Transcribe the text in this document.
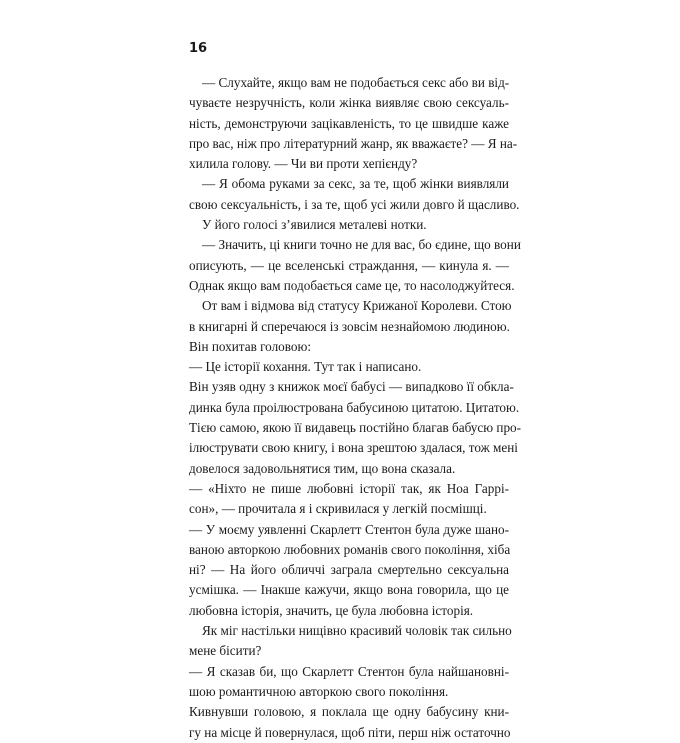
16
— Слухайте, якщо вам не подобається секс або ви від-
чуваєте незручність, коли жінка виявляє свою сексуаль-
ність, демонструючи зацікавленість, то це швидше каже
про вас, ніж про літературний жанр, як вважаєте? — Я на-
хилила голову. — Чи ви проти хепієнду?
— Я обома руками за секс, за те, щоб жінки виявляли
свою сексуальність, і за те, щоб усі жили довго й щасливо.
У його голосі з’явилися металеві нотки.
— Значить, ці книги точно не для вас, бо єдине, що вони
описують, — це вселенські страждання, — кинула я. —
Однак якщо вам подобається саме це, то насолоджуйтеся.
От вам і відмова від статусу Крижаної Королеви. Стою
в книгарні й сперечаюся із зовсім незнайомою людиною.
Він похитав головою:
— Це історії кохання. Тут так і написано.
Він узяв одну з книжок моєї бабусі — випадково її обкла-
динка була проілюстрована бабусиною цитатою. Цитатою.
Тією самою, якою її видавець постійно благав бабусю про-
ілюструвати свою книгу, і вона зрештою здалася, тож мені
довелося задовольнятися тим, що вона сказала.
— «Ніхто не пише любовні історії так, як Ноа Гаррі-
сон», — прочитала я і скривилася у легкій посмішці.
— У моєму уявленні Скарлетт Стентон була дуже шано-
ваною авторкою любовних романів свого покоління, хіба
ні? — На його обличчі заграла смертельно сексуальна
усмішка. — Інакше кажучи, якщо вона говорила, що це
любовна історія, значить, це була любовна історія.
Як міг настільки нищівно красивий чоловік так сильно
мене бісити?
— Я сказав би, що Скарлетт Стентон була найшановні-
шою романтичною авторкою свого покоління.
Кивнувши головою, я поклала ще одну бабусину кни-
гу на місце й повернулася, щоб піти, перш ніж остаточно
